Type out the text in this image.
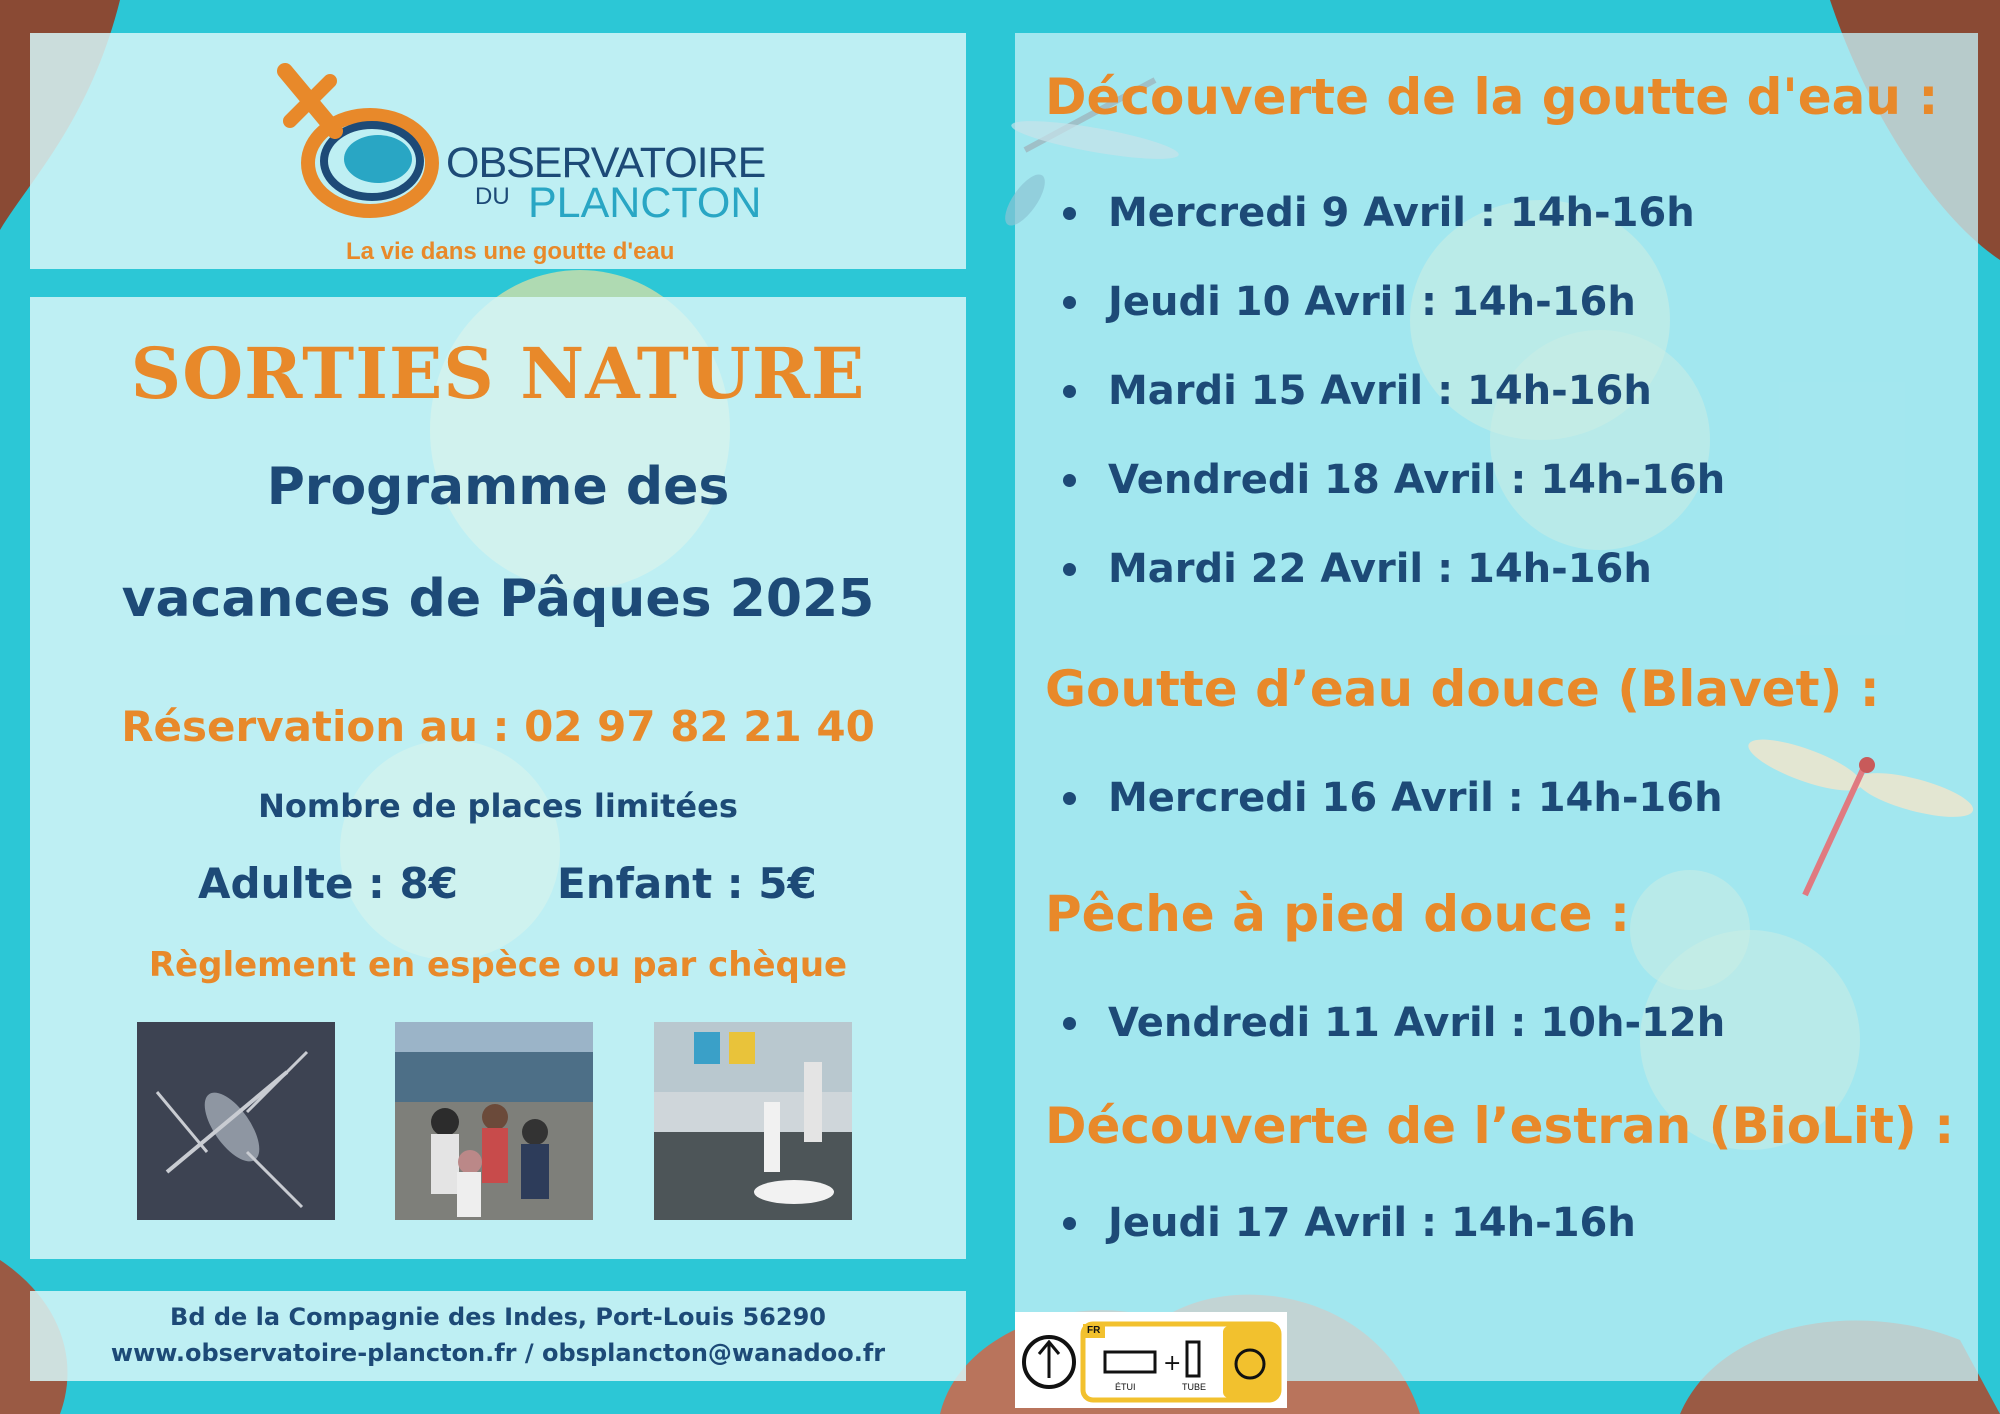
OBSERVATOIRE
DU PLANCTON
La vie dans une goutte d'eau
SORTIES NATURE
Programme des
vacances de Pâques 2025
Réservation au : 02 97 82 21 40
Nombre de places limitées
Adulte : 8€ Enfant : 5€
Règlement en espèce ou par chèque
Bd de la Compagnie des Indes, Port-Louis 56290
www.observatoire-plancton.fr / obsplancton@wanadoo.fr
Découverte de la goutte d'eau :
Mercredi 9 Avril : 14h-16h
Jeudi 10 Avril : 14h-16h
Mardi 15 Avril : 14h-16h
Vendredi 18 Avril : 14h-16h
Mardi 22 Avril : 14h-16h
Goutte d’eau douce (Blavet) :
Mercredi 16 Avril : 14h-16h
Pêche à pied douce :
Vendredi 11 Avril : 10h-12h
Découverte de l’estran (BioLit) :
Jeudi 17 Avril : 14h-16h
+
FR
ÉTUI	TUBE
